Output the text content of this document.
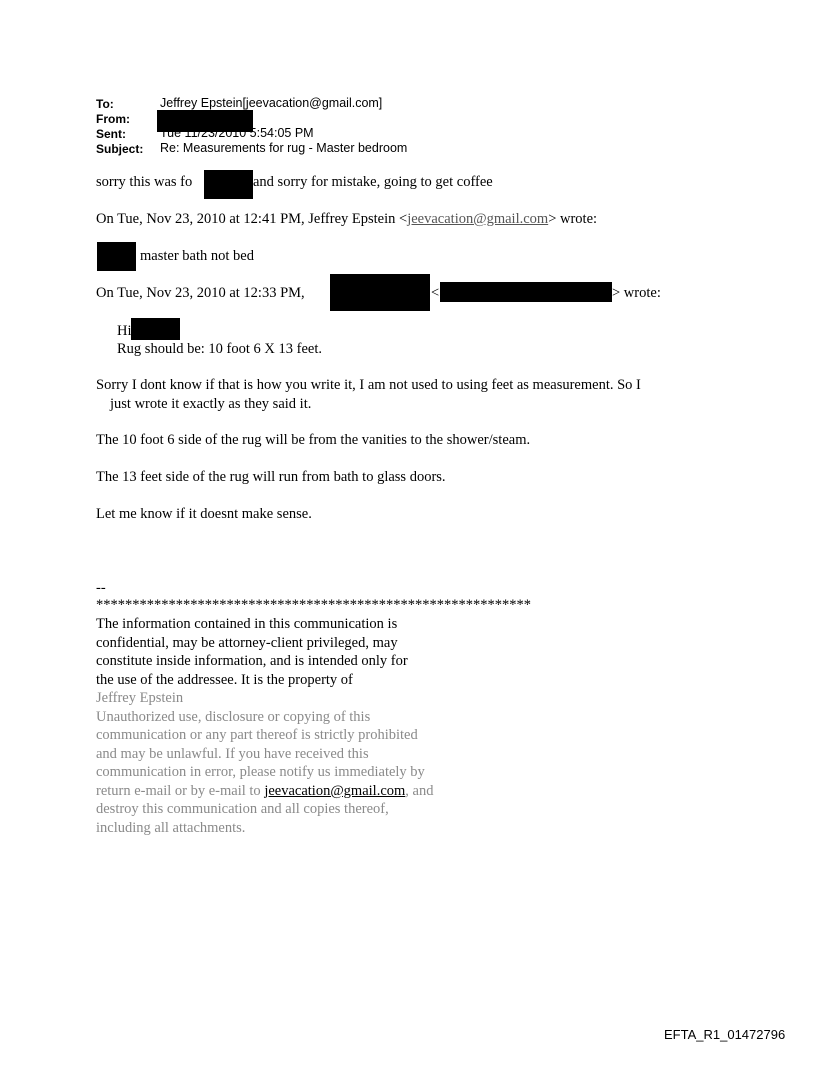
To:	Jeffrey Epstein[jeevacation@gmail.com]
From:
Sent:	Tue 11/23/2010 5:54:05 PM
Subject: Re: Measurements for rug - Master bedroom
sorry this was fo	and sorry for mistake, going to get coffee
On Tue, Nov 23, 2010 at 12:41 PM, Jeffrey Epstein <jeevacation@gmail.com> wrote:
master bath not bed
On Tue, Nov 23, 2010 at 12:33 PM,	<	> wrote:
Hi
Rug should be: 10 foot 6 X 13 feet.
Sorry I dont know if that is how you write it, I am not used to using feet as measurement. So I
just wrote it exactly as they said it.
The 10 foot 6 side of the rug will be from the vanities to the shower/steam.
The 13 feet side of the rug will run from bath to glass doors.
Let me know if it doesnt make sense.
--
************************************************************
The information contained in this communication is
confidential, may be attorney-client privileged, may
constitute inside information, and is intended only for
the use of the addressee. It is the property of
Jeffrey Epstein
Unauthorized use, disclosure or copying of this
communication or any part thereof is strictly prohibited
and may be unlawful. If you have received this
communication in error, please notify us immediately by
return e-mail or by e-mail to jeevacation@gmail.com, and
destroy this communication and all copies thereof,
including all attachments.
EFTA_R1_01472796
